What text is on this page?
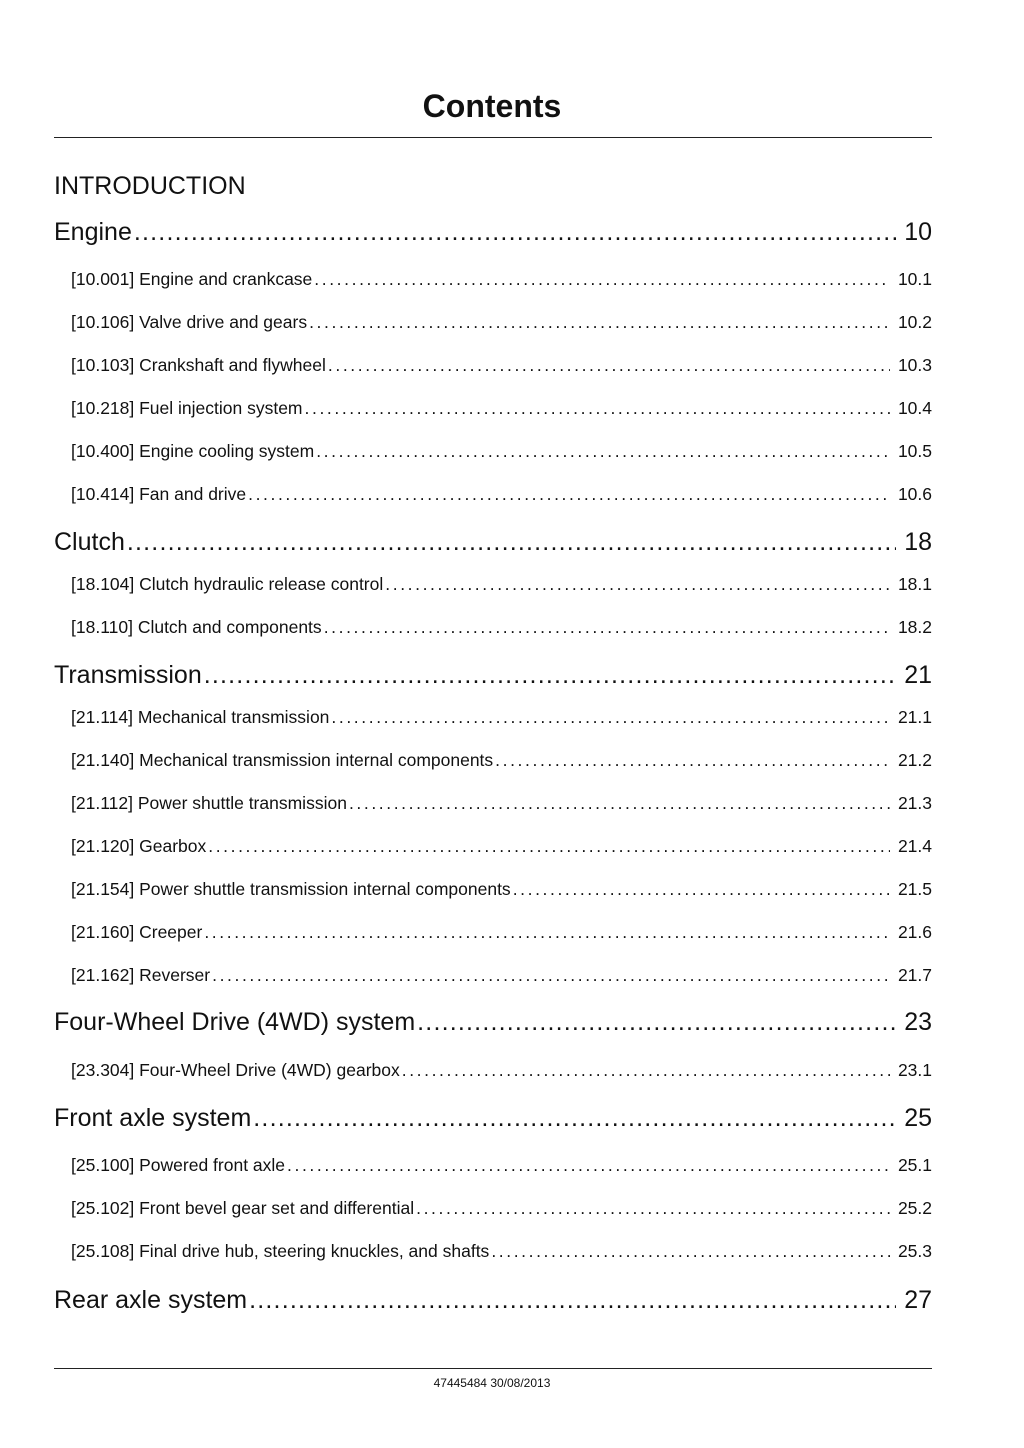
Contents
INTRODUCTION
Engine .....	10
[10.001] Engine and crankcase .....	10.1
[10.106] Valve drive and gears .....	10.2
[10.103] Crankshaft and flywheel .....	10.3
[10.218] Fuel injection system .....	10.4
[10.400] Engine cooling system .....	10.5
[10.414] Fan and drive .....	10.6
Clutch .....	18
[18.104] Clutch hydraulic release control .....	18.1
[18.110] Clutch and components .....	18.2
Transmission .....	21
[21.114] Mechanical transmission .....	21.1
[21.140] Mechanical transmission internal components .....	21.2
[21.112] Power shuttle transmission .....	21.3
[21.120] Gearbox .....	21.4
[21.154] Power shuttle transmission internal components .....	21.5
[21.160] Creeper .....	21.6
[21.162] Reverser .....	21.7
Four-Wheel Drive (4WD) system .....	23
[23.304] Four-Wheel Drive (4WD) gearbox .....	23.1
Front axle system .....	25
[25.100] Powered front axle .....	25.1
[25.102] Front bevel gear set and differential .....	25.2
[25.108] Final drive hub, steering knuckles, and shafts .....	25.3
Rear axle system .....	27
47445484 30/08/2013
